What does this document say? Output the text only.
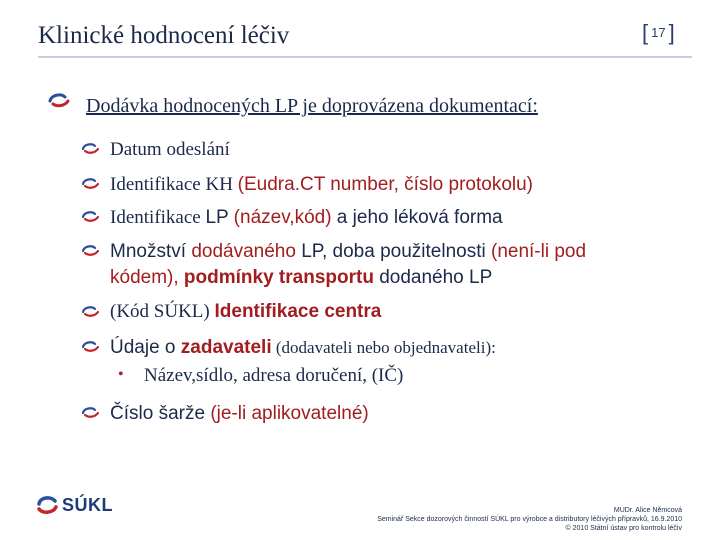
Klinické hodnocení léčiv	[ 17 ]
Dodávka hodnocených LP je doprovázena dokumentací:
Datum odeslání
Identifikace KH (Eudra.CT number, číslo protokolu)
Identifikace LP (název,kód) a jeho léková forma
Množství dodávaného LP, doba použitelnosti (není-li pod
kódem), podmínky transportu dodaného LP
(Kód SÚKL) Identifikace centra
Údaje o zadavateli (dodavateli nebo objednavateli):
• Název,sídlo, adresa doručení, (IČ)
Číslo šarže (je-li aplikovatelné)
SÚKL	MUDr. Alice Němcová
Seminář Sekce dozorových činností SÚKL pro výrobce a distributory léčivých přípravků, 16.9.2010
© 2010 Státní ústav pro kontrolu léčiv
